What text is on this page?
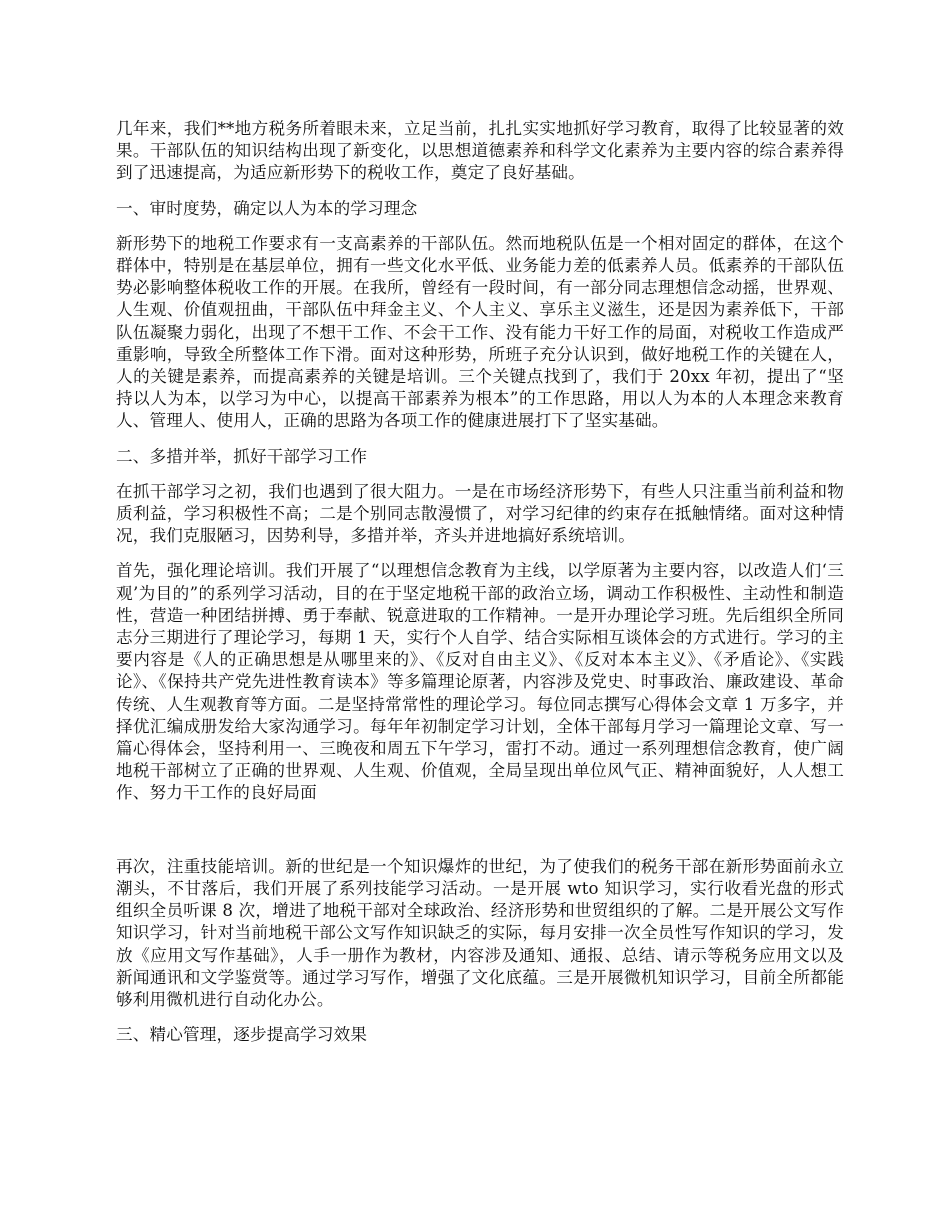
几年来，我们**地方税务所着眼未来，立足当前，扎扎实实地抓好学习教育，取得了比较显著的效果。干部队伍的知识结构出现了新变化，以思想道德素养和科学文化素养为主要内容的综合素养得到了迅速提高，为适应新形势下的税收工作，奠定了良好基础。

一、审时度势，确定以人为本的学习理念

新形势下的地税工作要求有一支高素养的干部队伍。然而地税队伍是一个相对固定的群体，在这个群体中，特别是在基层单位，拥有一些文化水平低、业务能力差的低素养人员。低素养的干部队伍势必影响整体税收工作的开展。在我所，曾经有一段时间，有一部分同志理想信念动摇，世界观、人生观、价值观扭曲，干部队伍中拜金主义、个人主义、享乐主义滋生，还是因为素养低下，干部队伍凝聚力弱化，出现了不想干工作、不会干工作、没有能力干好工作的局面，对税收工作造成严重影响，导致全所整体工作下滑。面对这种形势，所班子充分认识到，做好地税工作的关键在人，人的关键是素养，而提高素养的关键是培训。三个关键点找到了，我们于 20xx 年初，提出了“坚持以人为本，以学习为中心，以提高干部素养为根本”的工作思路，用以人为本的人本理念来教育人、管理人、使用人，正确的思路为各项工作的健康进展打下了坚实基础。

二、多措并举，抓好干部学习工作

在抓干部学习之初，我们也遇到了很大阻力。一是在市场经济形势下，有些人只注重当前利益和物质利益，学习积极性不高；二是个别同志散漫惯了，对学习纪律的约束存在抵触情绪。面对这种情况，我们克服陋习，因势利导，多措并举，齐头并进地搞好系统培训。

首先，强化理论培训。我们开展了“以理想信念教育为主线，以学原著为主要内容，以改造人们‘三观’为目的”的系列学习活动，目的在于坚定地税干部的政治立场，调动工作积极性、主动性和制造性，营造一种团结拼搏、勇于奉献、锐意进取的工作精神。一是开办理论学习班。先后组织全所同志分三期进行了理论学习，每期 1 天，实行个人自学、结合实际相互谈体会的方式进行。学习的主要内容是《人的正确思想是从哪里来的》、《反对自由主义》、《反对本本主义》、《矛盾论》、《实践论》、《保持共产党先进性教育读本》等多篇理论原著，内容涉及党史、时事政治、廉政建设、革命传统、人生观教育等方面。二是坚持常常性的理论学习。每位同志撰写心得体会文章 1 万多字，并择优汇编成册发给大家沟通学习。每年年初制定学习计划，全体干部每月学习一篇理论文章、写一篇心得体会，坚持利用一、三晚夜和周五下午学习，雷打不动。通过一系列理想信念教育，使广阔地税干部树立了正确的世界观、人生观、价值观，全局呈现出单位风气正、精神面貌好，人人想工作、努力干工作的良好局面

再次，注重技能培训。新的世纪是一个知识爆炸的世纪，为了使我们的税务干部在新形势面前永立潮头，不甘落后，我们开展了系列技能学习活动。一是开展 wto 知识学习，实行收看光盘的形式组织全员听课 8 次，增进了地税干部对全球政治、经济形势和世贸组织的了解。二是开展公文写作知识学习，针对当前地税干部公文写作知识缺乏的实际，每月安排一次全员性写作知识的学习，发放《应用文写作基础》，人手一册作为教材，内容涉及通知、通报、总结、请示等税务应用文以及新闻通讯和文学鉴赏等。通过学习写作，增强了文化底蕴。三是开展微机知识学习，目前全所都能够利用微机进行自动化办公。

三、精心管理，逐步提高学习效果
